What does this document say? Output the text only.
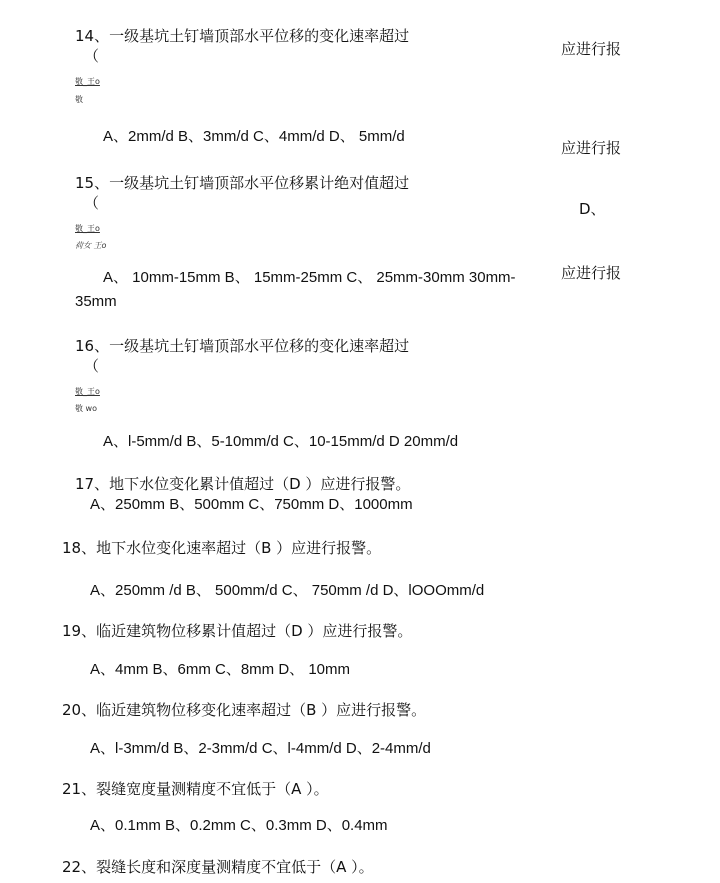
14、一级基坑土钉墙顶部水平位移的变化速率超过
（	应进行报
敬_王o
敬
A、2mm/d B、3mm/d C、4mm/d D、 5mm/d
应进行报
15、一级基坑土钉墙顶部水平位移累计绝对值超过
（	D、
敬_王o
荷女 王o
A、 10mm-15mm B、 15mm-25mm C、 25mm-30mm 30mm-	应进行报
35mm
16、一级基坑土钉墙顶部水平位移的变化速率超过
（
敬_王o
敬 wo
A、l-5mm/d B、5-10mm/d C、10-15mm/d D 20mm/d
17、地下水位变化累计值超过（D ）应进行报警。
A、250mm B、500mm C、750mm D、1000mm
18、地下水位变化速率超过（B ）应进行报警。
A、250mm /d B、 500mm/d C、 750mm /d D、lOOOmm/d
19、临近建筑物位移累计值超过（D ）应进行报警。
A、4mm B、6mm C、8mm D、 10mm
20、临近建筑物位移变化速率超过（B ）应进行报警。
A、l-3mm/d B、2-3mm/d C、l-4mm/d D、2-4mm/d
21、裂缝宽度量测精度不宜低于（A ）。
A、0.1mm B、0.2mm C、0.3mm D、0.4mm
22、裂缝长度和深度量测精度不宜低于（A ）。
